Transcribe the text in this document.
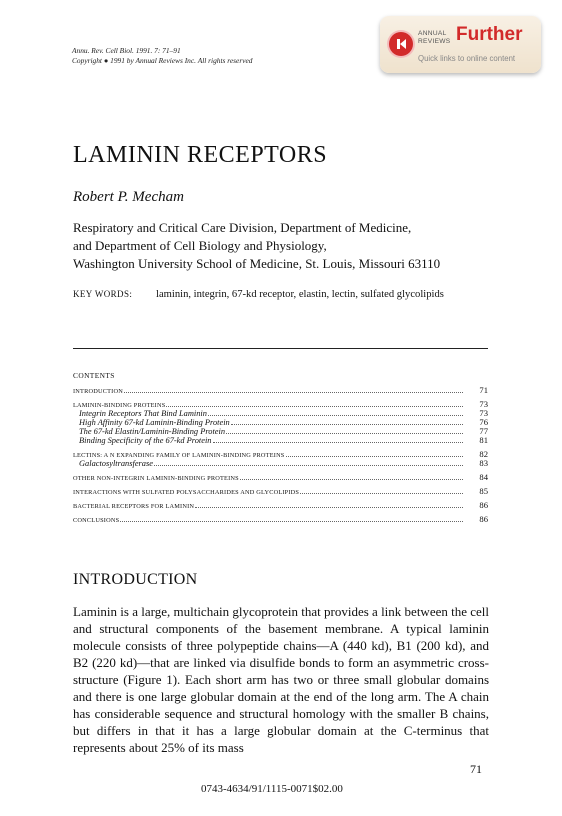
Annu. Rev. Cell Biol. 1991. 7: 71–91
Copyright ● 1991 by Annual Reviews Inc. All rights reserved
ANNUAL
REVIEWS Further
Quick links to online content
LAMININ RECEPTORS
Robert P. Mecham
Respiratory and Critical Care Division, Department of Medicine,
and Department of Cell Biology and Physiology,
Washington University School of Medicine, St. Louis, Missouri 63110
KEY WORDS: laminin, integrin, 67-kd receptor, elastin, lectin, sulfated glycolipids
CONTENTS
INTRODUCTION	71
LAMININ-BINDING PROTEINS	73
Integrin Receptors That Bind Laminin	73
High Affinity 67-kd Laminin-Binding Protein	76
The 67-kd Elastin/Laminin-Binding Protein	77
Binding Specificity of the 67-kd Protein	81
LECTINS: A N EXPANDING FAMILY OF LAMININ-BINDING PROTEINS	82
Galactosyltransferase	83
OTHER NON-INTEGRIN LAMININ-BINDING PROTEINS	84
INTERACTIONS WITH SULFATED POLYSACCHARIDES AND GLYCOLIPIDS	85
BACTERIAL RECEPTORS FOR LAMININ	86
CONCLUSIONS	86
INTRODUCTION
Laminin is a large, multichain glycoprotein that provides a link between the cell and structural components of the basement membrane. A typical laminin molecule consists of three polypeptide chains—A (440 kd), B1 (200 kd), and B2 (220 kd)—that are linked via disulfide bonds to form an asymmetric cross-structure (Figure 1). Each short arm has two or three small globular domains and there is one large globular domain at the end of the long arm. The A chain has considerable sequence and structural homology with the smaller B chains, but differs in that it has a large globular domain at the C-terminus that represents about 25% of its mass
71
0743-4634/91/1115-0071$02.00
